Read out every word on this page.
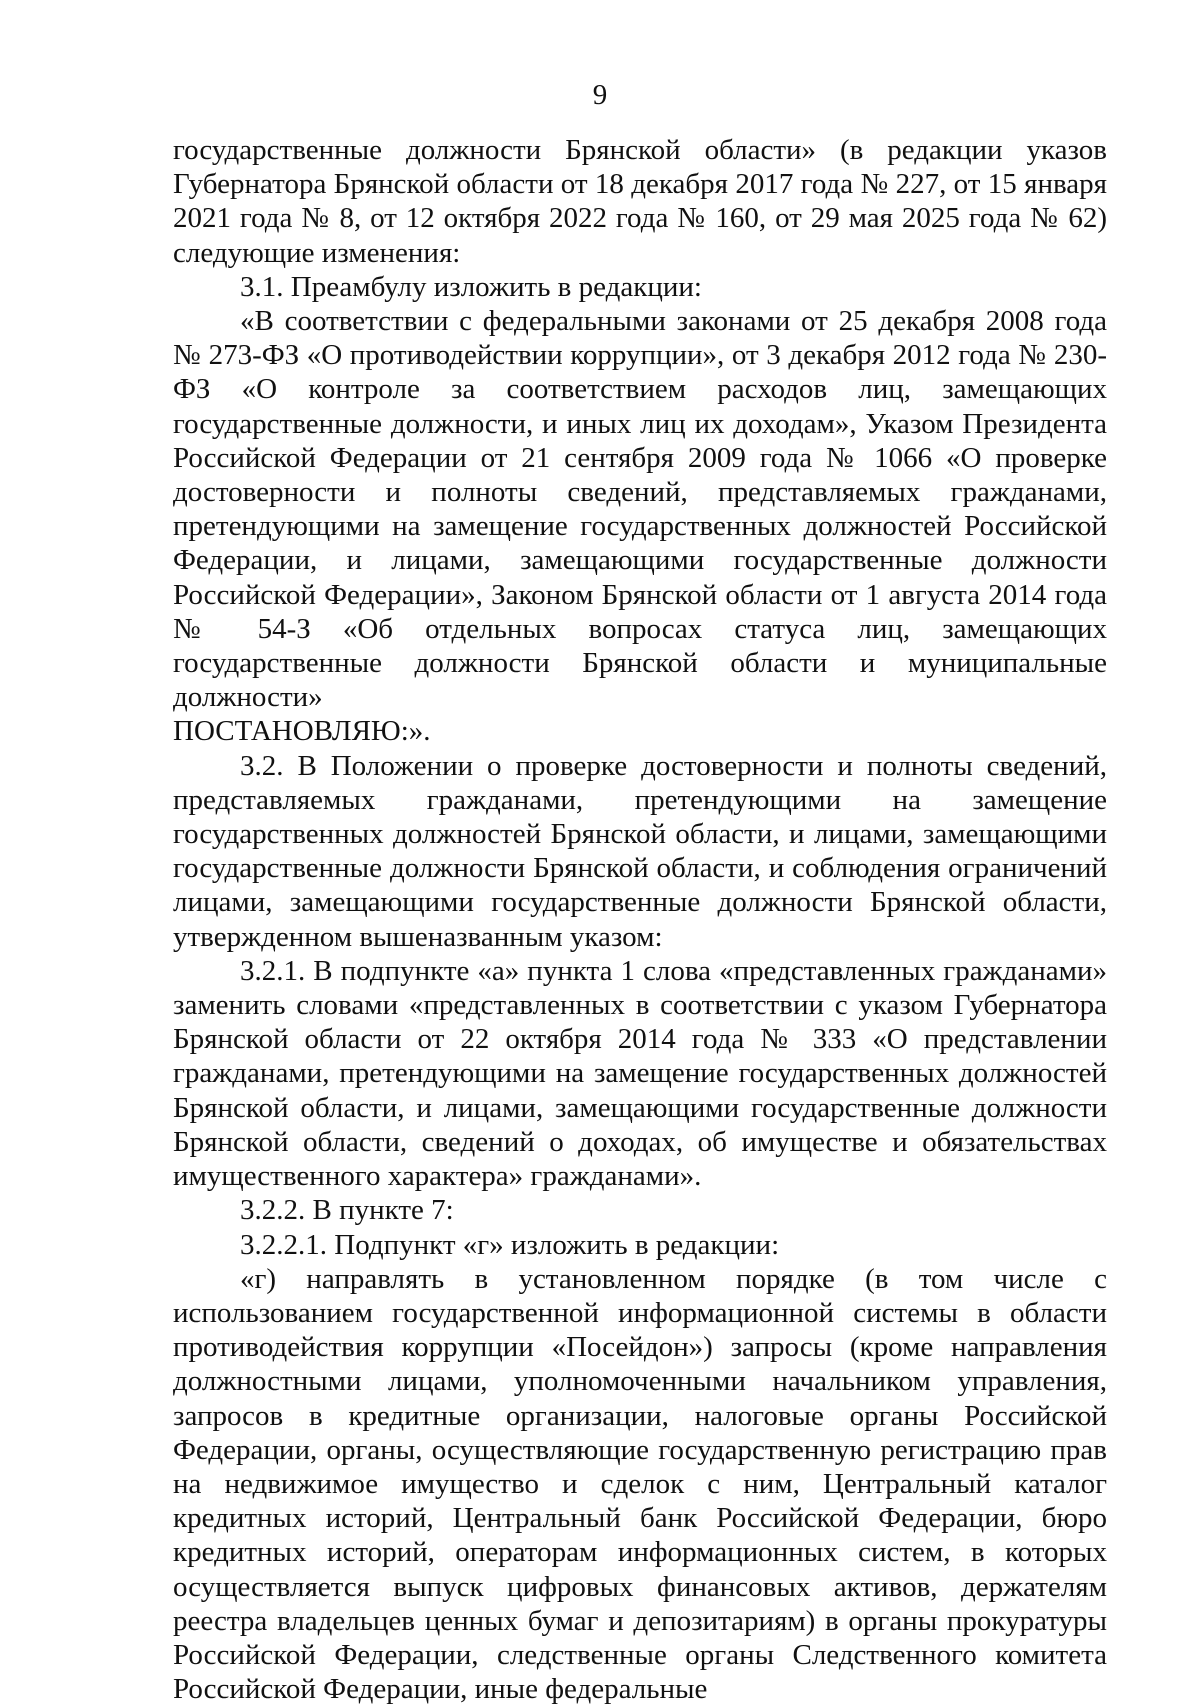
9

государственные должности Брянской области» (в редакции указов Губернатора Брянской области от 18 декабря 2017 года № 227, от 15 января 2021 года № 8, от 12 октября 2022 года № 160, от 29 мая 2025 года № 62) следующие изменения:

3.1. Преамбулу изложить в редакции:

«В соответствии с федеральными законами от 25 декабря 2008 года № 273-ФЗ «О противодействии коррупции», от 3 декабря 2012 года № 230-ФЗ «О контроле за соответствием расходов лиц, замещающих государственные должности, и иных лиц их доходам», Указом Президента Российской Федерации от 21 сентября 2009 года № 1066 «О проверке достоверности и полноты сведений, представляемых гражданами, претендующими на замещение государственных должностей Российской Федерации, и лицами, замещающими государственные должности Российской Федерации», Законом Брянской области от 1 августа 2014 года № 54-З «Об отдельных вопросах статуса лиц, замещающих государственные должности Брянской области и муниципальные должности»

ПОСТАНОВЛЯЮ:».

3.2. В Положении о проверке достоверности и полноты сведений, представляемых гражданами, претендующими на замещение государственных должностей Брянской области, и лицами, замещающими государственные должности Брянской области, и соблюдения ограничений лицами, замещающими государственные должности Брянской области, утвержденном вышеназванным указом:

3.2.1. В подпункте «а» пункта 1 слова «представленных гражданами» заменить словами «представленных в соответствии с указом Губернатора Брянской области от 22 октября 2014 года № 333 «О представлении гражданами, претендующими на замещение государственных должностей Брянской области, и лицами, замещающими государственные должности Брянской области, сведений о доходах, об имуществе и обязательствах имущественного характера» гражданами».

3.2.2. В пункте 7:

3.2.2.1. Подпункт «г» изложить в редакции:

«г) направлять в установленном порядке (в том числе с использованием государственной информационной системы в области противодействия коррупции «Посейдон») запросы (кроме направления должностными лицами, уполномоченными начальником управления, запросов в кредитные организации, налоговые органы Российской Федерации, органы, осуществляющие государственную регистрацию прав на недвижимое имущество и сделок с ним, Центральный каталог кредитных историй, Центральный банк Российской Федерации, бюро кредитных историй, операторам информационных систем, в которых осуществляется выпуск цифровых финансовых активов, держателям реестра владельцев ценных бумаг и депозитариям) в органы прокуратуры Российской Федерации, следственные органы Следственного комитета Российской Федерации, иные федеральные
